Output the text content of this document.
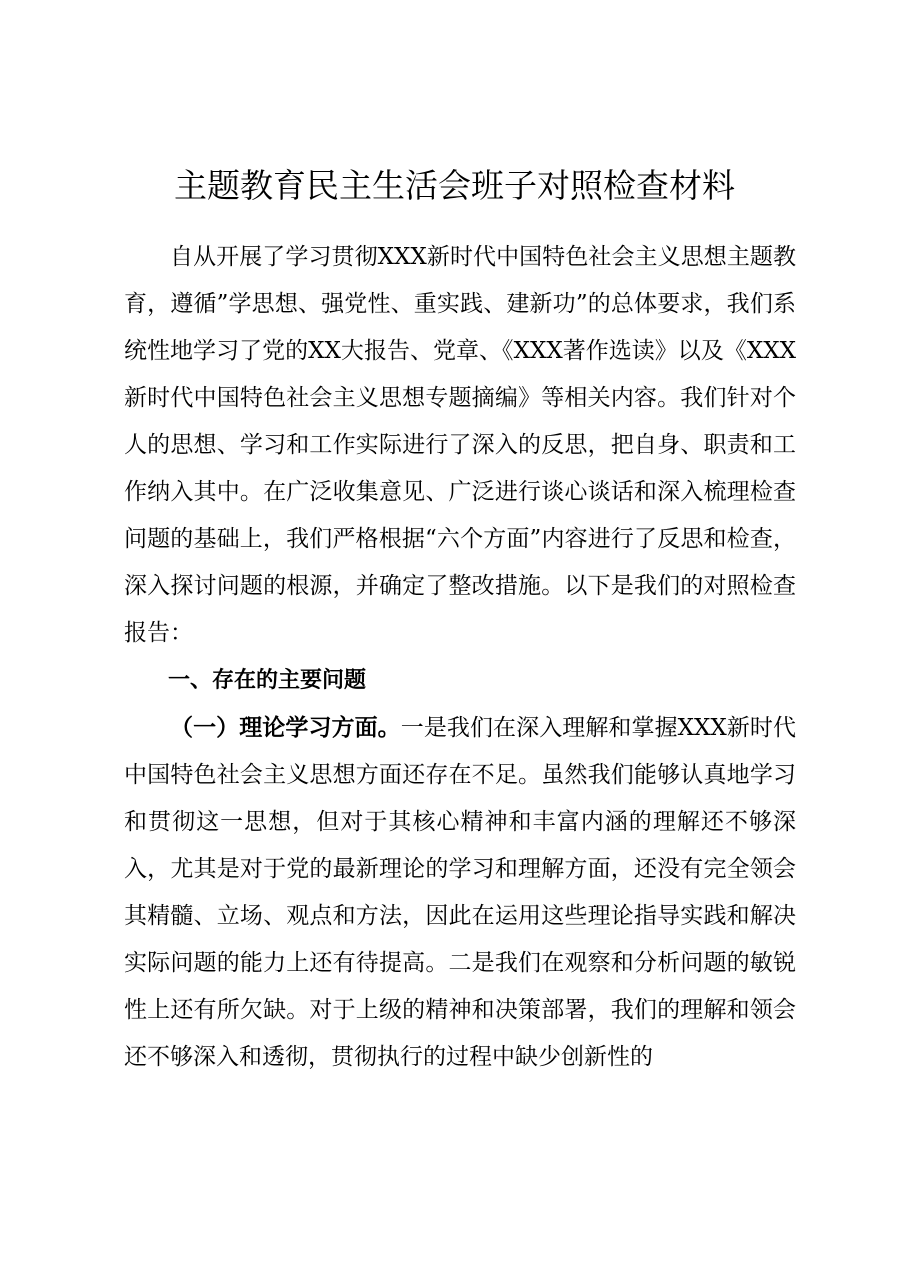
主题教育民主生活会班子对照检查材料

自从开展了学习贯彻XXX新时代中国特色社会主义思想主题教育，遵循”学思想、强党性、重实践、建新功”的总体要求，我们系统性地学习了党的XX大报告、党章、《XXX著作选读》以及《XXX新时代中国特色社会主义思想专题摘编》等相关内容。我们针对个人的思想、学习和工作实际进行了深入的反思，把自身、职责和工作纳入其中。在广泛收集意见、广泛进行谈心谈话和深入梳理检查问题的基础上，我们严格根据“六个方面”内容进行了反思和检查，深入探讨问题的根源，并确定了整改措施。以下是我们的对照检查报告：

一、存在的主要问题

（一）理论学习方面。一是我们在深入理解和掌握XXX新时代中国特色社会主义思想方面还存在不足。虽然我们能够认真地学习和贯彻这一思想，但对于其核心精神和丰富内涵的理解还不够深入，尤其是对于党的最新理论的学习和理解方面，还没有完全领会其精髓、立场、观点和方法，因此在运用这些理论指导实践和解决实际问题的能力上还有待提高。二是我们在观察和分析问题的敏锐性上还有所欠缺。对于上级的精神和决策部署，我们的理解和领会还不够深入和透彻，贯彻执行的过程中缺少创新性的
